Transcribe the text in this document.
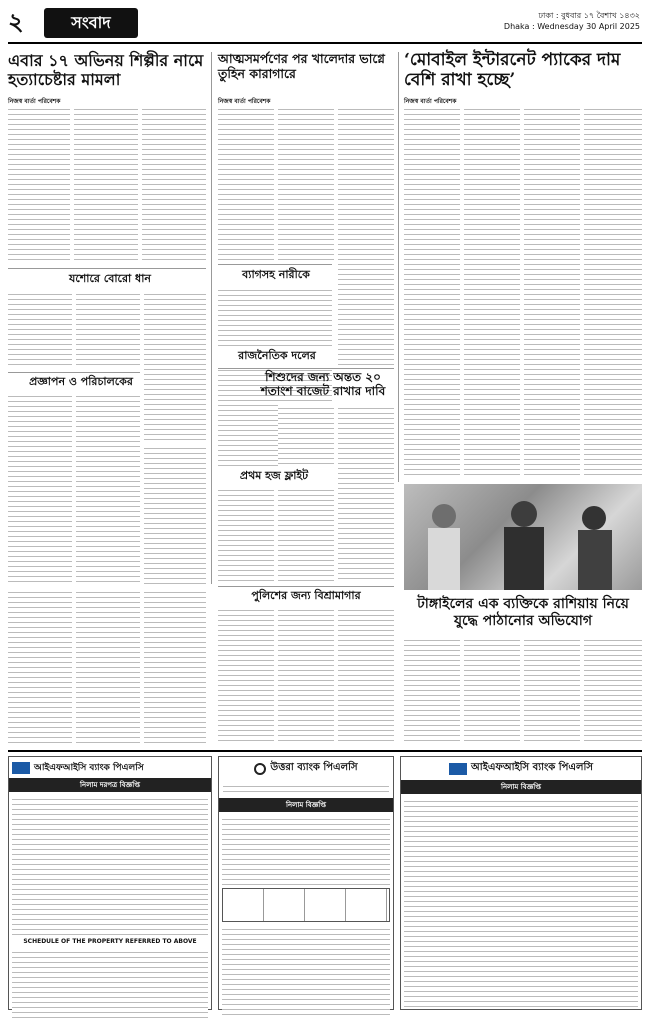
২	সংবাদ	ঢাকা : বুধবার ১৭ বৈশাখ ১৪৩২
Dhaka : Wednesday 30 April 2025
এবার ১৭ অভিনয় শিল্পীর নামে হত্যাচেষ্টার মামলা
আত্মসমর্পণের পর খালেদার ভাগ্নে তুহিন কারাগারে
‘মোবাইল ইন্টারনেট প্যাকের দাম বেশি রাখা হচ্ছে’
নিজস্ব বার্তা পরিবেশক	নিজস্ব বার্তা পরিবেশক	নিজস্ব বার্তা পরিবেশক
যশোরে বোরো ধান	ব্যাগসহ নারীকে
রাজনৈতিক দলের
প্রজ্ঞাপন ও পরিচালকের	শিশুদের জন্য অন্তত ২০ শতাংশ বাজেট রাখার দাবি
প্রথম হজ ফ্লাইট
টাঙ্গাইলের এক ব্যক্তিকে রাশিয়ায় নিয়ে যুদ্ধে পাঠানোর অভিযোগ
পুলিশের জন্য বিশ্রামাগার
আইএফআইসি ব্যাংক পিএলসি
নিলাম দরপত্র বিজ্ঞপ্তি
SCHEDULE OF THE PROPERTY REFERRED TO ABOVE
উত্তরা ব্যাংক পিএলসি
নিলাম বিজ্ঞপ্তি
আইএফআইসি ব্যাংক পিএলসি
নিলাম বিজ্ঞপ্তি
